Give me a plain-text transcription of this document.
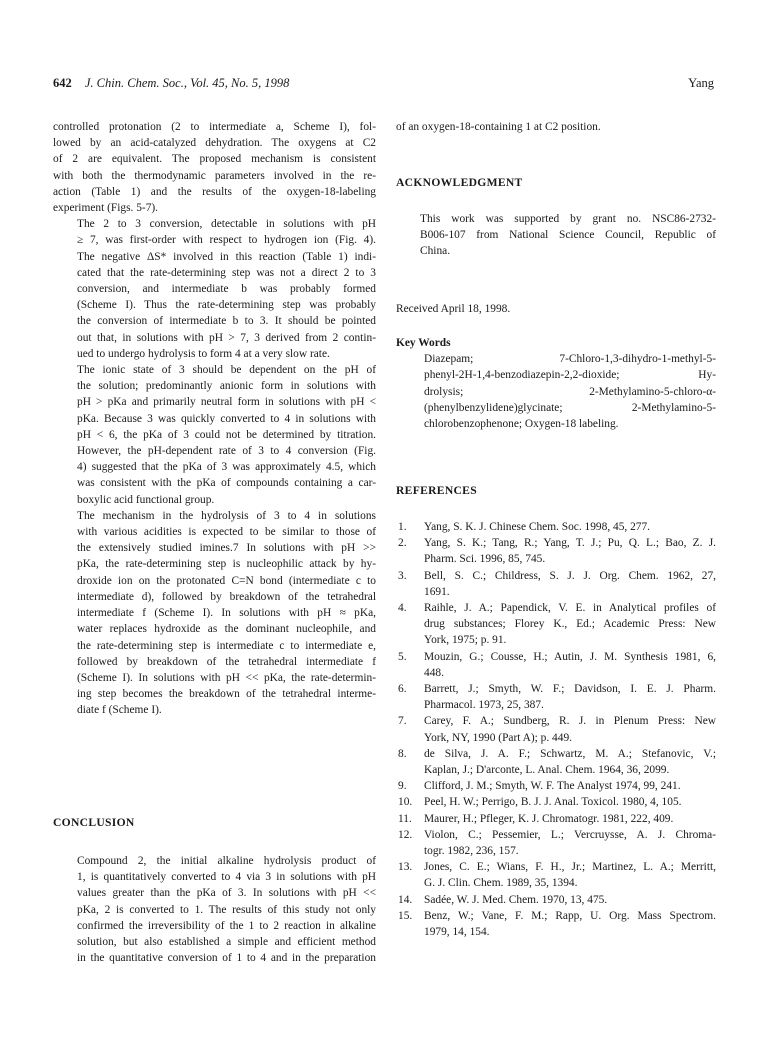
642 J. Chin. Chem. Soc., Vol. 45, No. 5, 1998	Yang

controlled protonation (2 to intermediate a, Scheme I), fol-
lowed by an acid-catalyzed dehydration. The oxygens at C2
of 2 are equivalent. The proposed mechanism is consistent
with both the thermodynamic parameters involved in the re-
action (Table 1) and the results of the oxygen-18-labeling
experiment (Figs. 5-7).

The 2 to 3 conversion, detectable in solutions with pH
≥ 7, was first-order with respect to hydrogen ion (Fig. 4).
The negative ΔS* involved in this reaction (Table 1) indi-
cated that the rate-determining step was not a direct 2 to 3
conversion, and intermediate b was probably formed
(Scheme I). Thus the rate-determining step was probably
the conversion of intermediate b to 3. It should be pointed
out that, in solutions with pH > 7, 3 derived from 2 contin-
ued to undergo hydrolysis to form 4 at a very slow rate.

The ionic state of 3 should be dependent on the pH of
the solution; predominantly anionic form in solutions with
pH > pKa and primarily neutral form in solutions with pH <
pKa. Because 3 was quickly converted to 4 in solutions with
pH < 6, the pKa of 3 could not be determined by titration.
However, the pH-dependent rate of 3 to 4 conversion (Fig.
4) suggested that the pKa of 3 was approximately 4.5, which
was consistent with the pKa of compounds containing a car-
boxylic acid functional group.

The mechanism in the hydrolysis of 3 to 4 in solutions
with various acidities is expected to be similar to those of
the extensively studied imines.7 In solutions with pH >>
pKa, the rate-determining step is nucleophilic attack by hy-
droxide ion on the protonated C=N bond (intermediate c to
intermediate d), followed by breakdown of the tetrahedral
intermediate f (Scheme I). In solutions with pH ≈ pKa,
water replaces hydroxide as the dominant nucleophile, and
the rate-determining step is intermediate c to intermediate e,
followed by breakdown of the tetrahedral intermediate f
(Scheme I). In solutions with pH << pKa, the rate-determin-
ing step becomes the breakdown of the tetrahedral interme-
diate f (Scheme I).

CONCLUSION

Compound 2, the initial alkaline hydrolysis product of
1, is quantitatively converted to 4 via 3 in solutions with pH
values greater than the pKa of 3. In solutions with pH <<
pKa, 2 is converted to 1. The results of this study not only
confirmed the irreversibility of the 1 to 2 reaction in alkaline
solution, but also established a simple and efficient method
in the quantitative conversion of 1 to 4 and in the preparation

of an oxygen-18-containing 1 at C2 position.

ACKNOWLEDGMENT

This work was supported by grant no. NSC86-2732-
B006-107 from National Science Council, Republic of
China.

Received April 18, 1998.

Key Words

Diazepam; 7-Chloro-1,3-dihydro-1-methyl-5-
phenyl-2H-1,4-benzodiazepin-2,2-dioxide; Hy-
drolysis; 2-Methylamino-5-chloro-α-
(phenylbenzylidene)glycinate; 2-Methylamino-5-
chlorobenzophenone; Oxygen-18 labeling.

REFERENCES

1.	Yang, S. K. J. Chinese Chem. Soc. 1998, 45, 277.
2.	Yang, S. K.; Tang, R.; Yang, T. J.; Pu, Q. L.; Bao, Z. J.
Pharm. Sci. 1996, 85, 745.
3.	Bell, S. C.; Childress, S. J. J. Org. Chem. 1962, 27,
1691.
4.	Raihle, J. A.; Papendick, V. E. in Analytical profiles of
drug substances; Florey K., Ed.; Academic Press: New
York, 1975; p. 91.
5.	Mouzin, G.; Cousse, H.; Autin, J. M. Synthesis 1981, 6,
448.
6.	Barrett, J.; Smyth, W. F.; Davidson, I. E. J. Pharm.
Pharmacol. 1973, 25, 387.
7.	Carey, F. A.; Sundberg, R. J. in Plenum Press: New
York, NY, 1990 (Part A); p. 449.
8.	de Silva, J. A. F.; Schwartz, M. A.; Stefanovic, V.;
Kaplan, J.; D'arconte, L. Anal. Chem. 1964, 36, 2099.
9.	Clifford, J. M.; Smyth, W. F. The Analyst 1974, 99, 241.
10.	Peel, H. W.; Perrigo, B. J. J. Anal. Toxicol. 1980, 4, 105.
11.	Maurer, H.; Pfleger, K. J. Chromatogr. 1981, 222, 409.
12.	Violon, C.; Pessemier, L.; Vercruysse, A. J. Chroma-
togr. 1982, 236, 157.
13.	Jones, C. E.; Wians, F. H., Jr.; Martinez, L. A.; Merritt,
G. J. Clin. Chem. 1989, 35, 1394.
14.	Sadée, W. J. Med. Chem. 1970, 13, 475.
15.	Benz, W.; Vane, F. M.; Rapp, U. Org. Mass Spectrom.
1979, 14, 154.
